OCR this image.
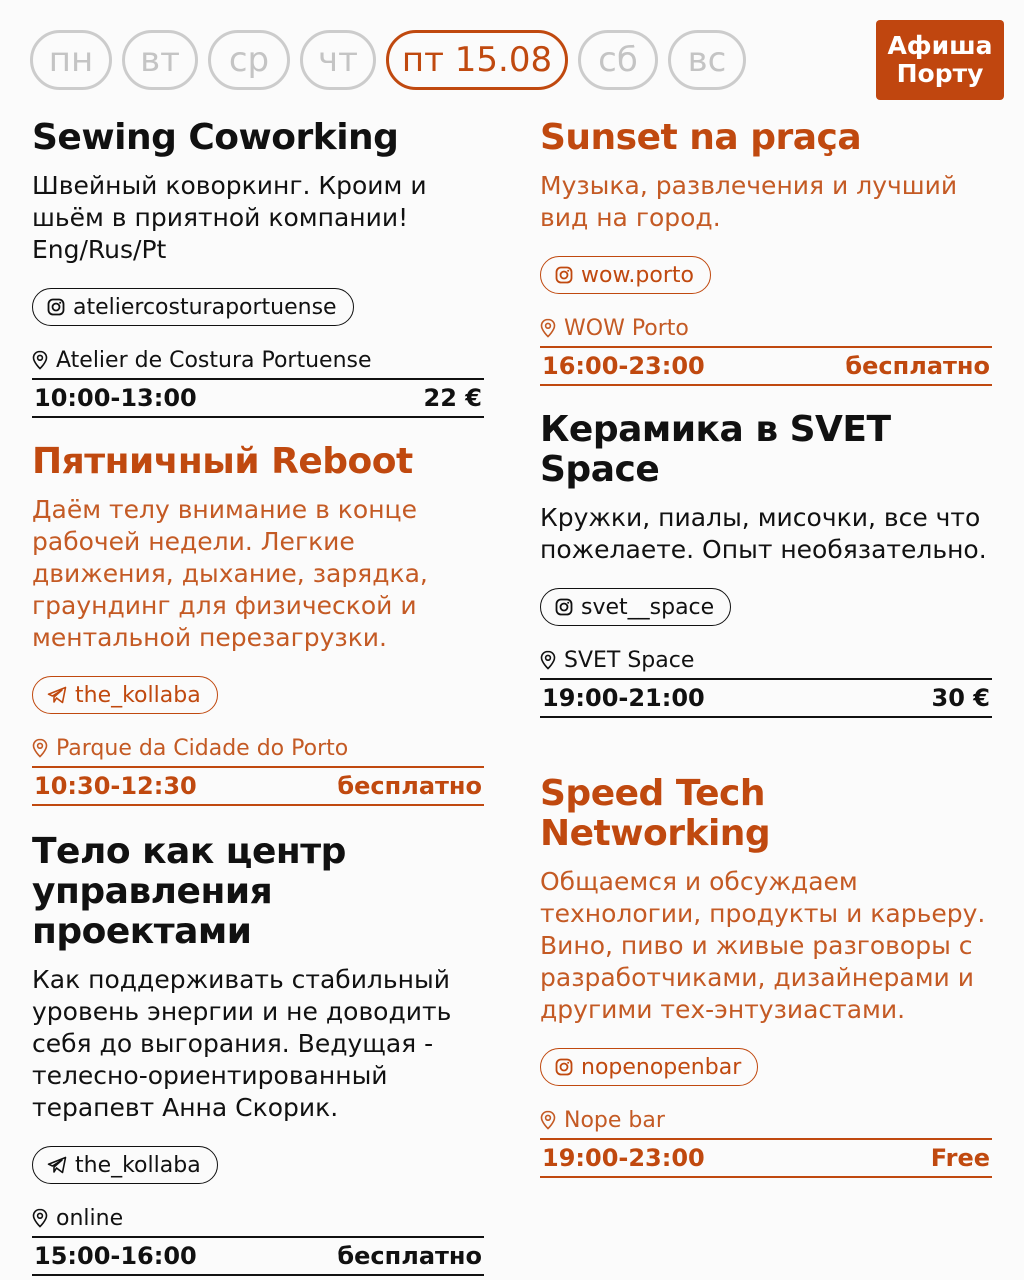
пн	вт	ср	чт	пт 15.08	сб	вс	Афиша
Порту
Sewing Coworking
Швейный коворкинг. Кроим и шьём в приятной компании! Eng/Rus/Pt
ateliercosturaportuense
Atelier de Costura Portuense
10:00-13:00	22 €
Пятничный Reboot
Даём телу внимание в конце рабочей недели. Легкие движения, дыхание, зарядка, граундинг для физической и ментальной перезагрузки.
the_kollaba
Parque da Cidade do Porto
10:30-12:30	бесплатно
Тело как центр управления проектами
Как поддерживать стабильный уровень энергии и не доводить себя до выгорания. Ведущая - телесно-ориентированный терапевт Анна Скорик.
the_kollaba
online
15:00-16:00	бесплатно
Sunset na praça
Музыка, развлечения и лучший вид на город.
wow.porto
WOW Porto
16:00-23:00	бесплатно
Керамика в SVET Space
Кружки, пиалы, мисочки, все что пожелаете. Опыт необязательно.
svet__space
SVET Space
19:00-21:00	30 €
Speed Tech Networking
Общаемся и обсуждаем технологии, продукты и карьеру. Вино, пиво и живые разговоры с разработчиками, дизайнерами и другими тех-энтузиастами.
nopenopenbar
Nope bar
19:00-23:00	Free
